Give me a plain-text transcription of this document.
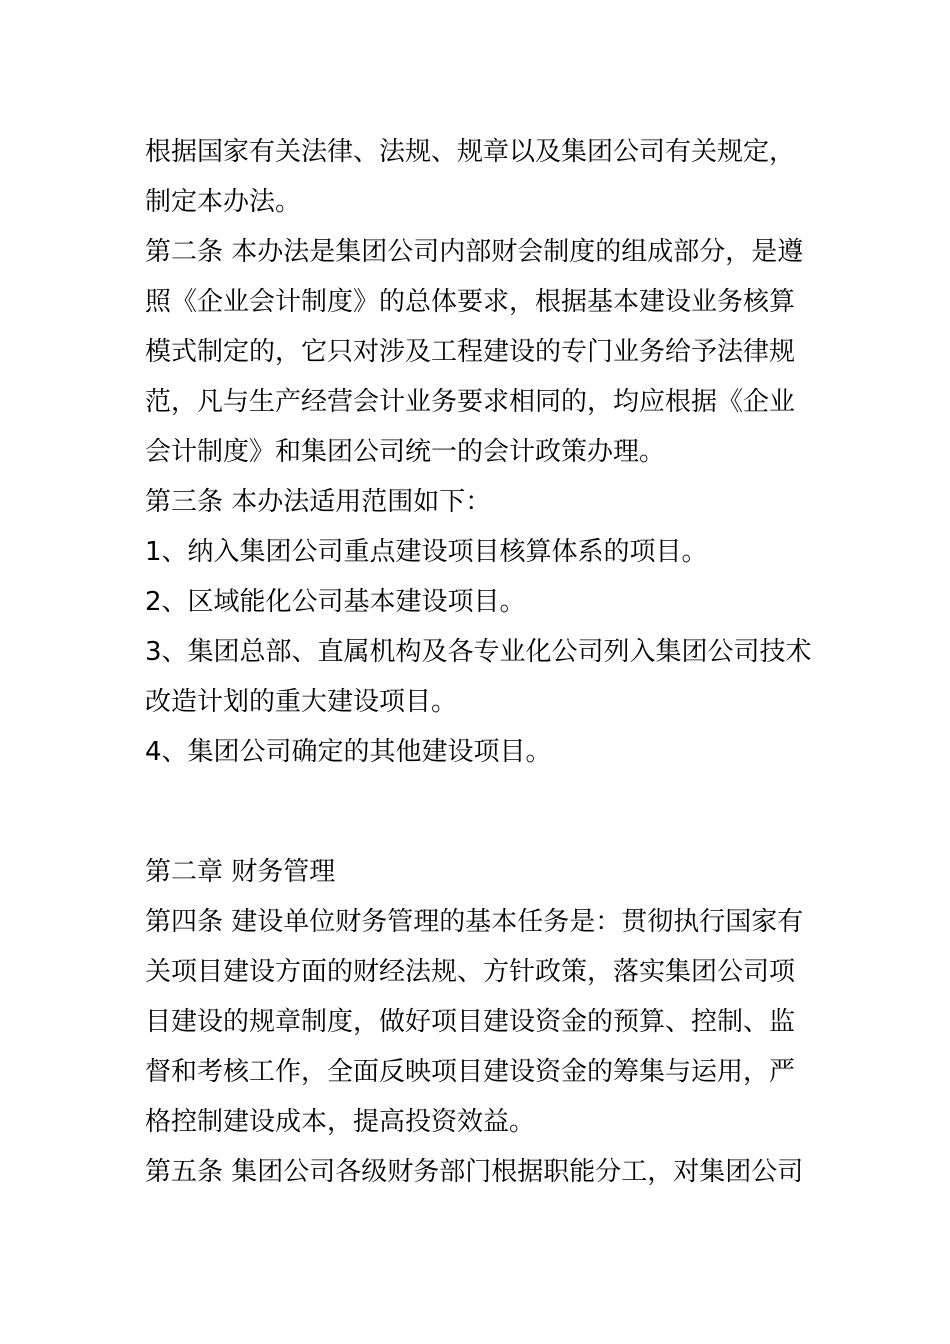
根据国家有关法律、法规、规章以及集团公司有关规定，
制定本办法。
第二条 本办法是集团公司内部财会制度的组成部分，是遵
照《企业会计制度》的总体要求，根据基本建设业务核算
模式制定的，它只对涉及工程建设的专门业务给予法律规
范，凡与生产经营会计业务要求相同的，均应根据《企业
会计制度》和集团公司统一的会计政策办理。
第三条 本办法适用范围如下：
1、纳入集团公司重点建设项目核算体系的项目。
2、区域能化公司基本建设项目。
3、集团总部、直属机构及各专业化公司列入集团公司技术
改造计划的重大建设项目。
4、集团公司确定的其他建设项目。
第二章 财务管理
第四条 建设单位财务管理的基本任务是：贯彻执行国家有
关项目建设方面的财经法规、方针政策，落实集团公司项
目建设的规章制度，做好项目建设资金的预算、控制、监
督和考核工作，全面反映项目建设资金的筹集与运用，严
格控制建设成本，提高投资效益。
第五条 集团公司各级财务部门根据职能分工，对集团公司
